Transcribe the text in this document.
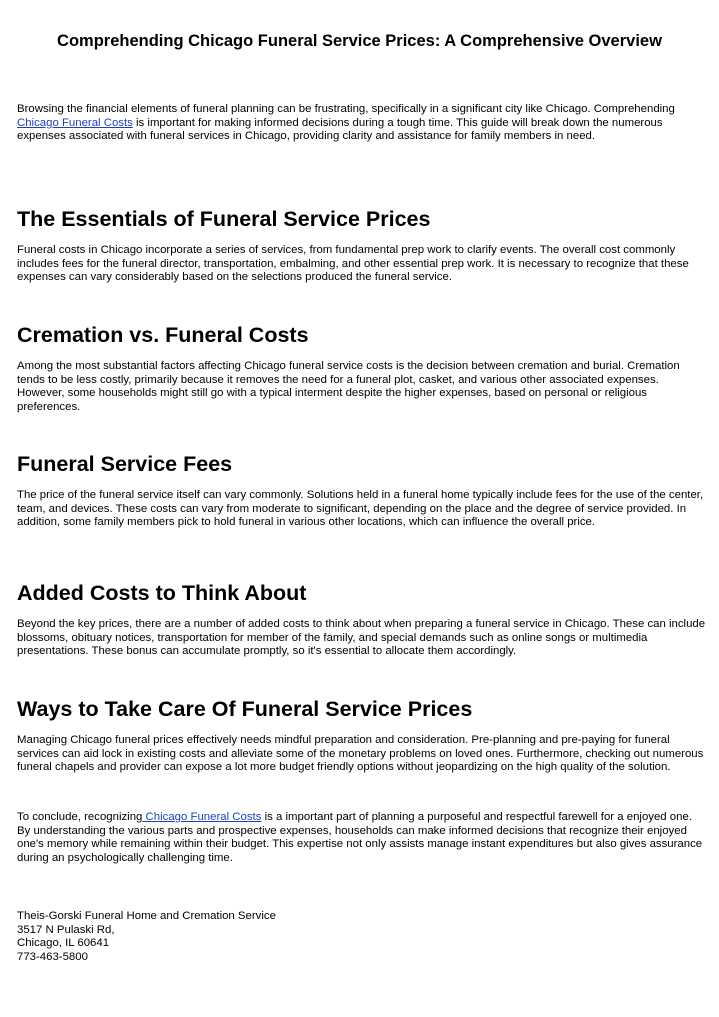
Comprehending Chicago Funeral Service Prices: A Comprehensive Overview

Browsing the financial elements of funeral planning can be frustrating, specifically in a significant city like Chicago. Comprehending Chicago Funeral Costs is important for making informed decisions during a tough time. This guide will break down the numerous expenses associated with funeral services in Chicago, providing clarity and assistance for family members in need.

The Essentials of Funeral Service Prices

Funeral costs in Chicago incorporate a series of services, from fundamental prep work to clarify events. The overall cost commonly includes fees for the funeral director, transportation, embalming, and other essential prep work. It is necessary to recognize that these expenses can vary considerably based on the selections produced the funeral service.

Cremation vs. Funeral Costs

Among the most substantial factors affecting Chicago funeral service costs is the decision between cremation and burial. Cremation tends to be less costly, primarily because it removes the need for a funeral plot, casket, and various other associated expenses. However, some households might still go with a typical interment despite the higher expenses, based on personal or religious preferences.

Funeral Service Fees

The price of the funeral service itself can vary commonly. Solutions held in a funeral home typically include fees for the use of the center, team, and devices. These costs can vary from moderate to significant, depending on the place and the degree of service provided. In addition, some family members pick to hold funeral in various other locations, which can influence the overall price.

Added Costs to Think About

Beyond the key prices, there are a number of added costs to think about when preparing a funeral service in Chicago. These can include blossoms, obituary notices, transportation for member of the family, and special demands such as online songs or multimedia presentations. These bonus can accumulate promptly, so it's essential to allocate them accordingly.

Ways to Take Care Of Funeral Service Prices

Managing Chicago funeral prices effectively needs mindful preparation and consideration. Pre-planning and pre-paying for funeral services can aid lock in existing costs and alleviate some of the monetary problems on loved ones. Furthermore, checking out numerous funeral chapels and provider can expose a lot more budget friendly options without jeopardizing on the high quality of the solution.

To conclude, recognizing Chicago Funeral Costs is a important part of planning a purposeful and respectful farewell for a enjoyed one. By understanding the various parts and prospective expenses, households can make informed decisions that recognize their enjoyed one's memory while remaining within their budget. This expertise not only assists manage instant expenditures but also gives assurance during an psychologically challenging time.

Theis-Gorski Funeral Home and Cremation Service
3517 N Pulaski Rd,
Chicago, IL 60641
773-463-5800
